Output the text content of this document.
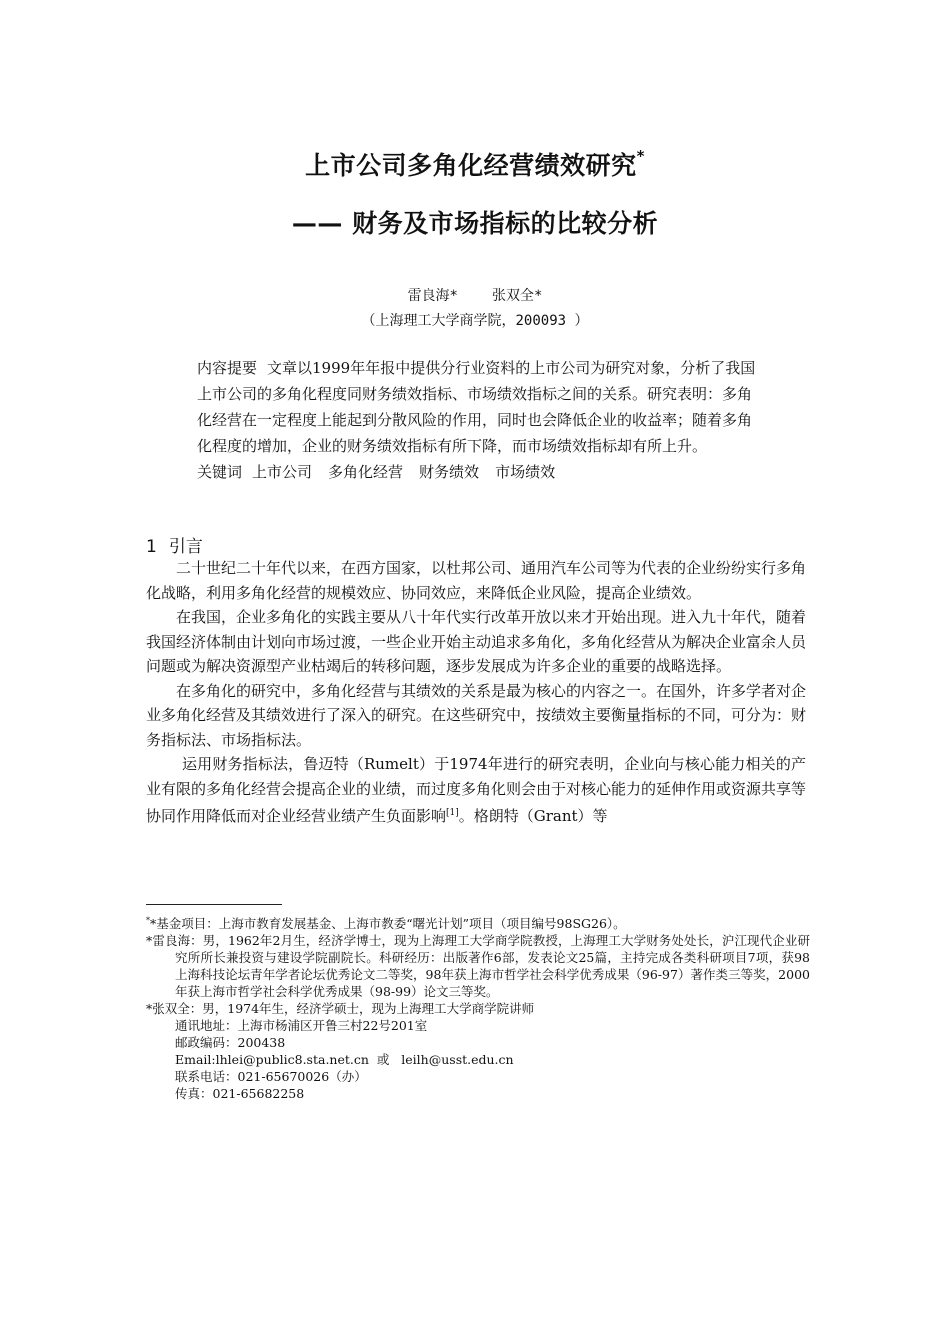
上市公司多角化经营绩效研究*
—— 财务及市场指标的比较分析
雷良海* 张双全*
（上海理工大学商学院，200093 ）

内容提要 文章以1999年年报中提供分行业资料的上市公司为研究对象，分析了我国上市公司的多角化程度同财务绩效指标、市场绩效指标之间的关系。研究表明：多角化经营在一定程度上能起到分散风险的作用，同时也会降低企业的收益率；随着多角化程度的增加，企业的财务绩效指标有所下降，而市场绩效指标却有所上升。

关键词 上市公司 多角化经营 财务绩效 市场绩效

1 引言

二十世纪二十年代以来，在西方国家，以杜邦公司、通用汽车公司等为代表的企业纷纷实行多角化战略，利用多角化经营的规模效应、协同效应，来降低企业风险，提高企业绩效。

在我国，企业多角化的实践主要从八十年代实行改革开放以来才开始出现。进入九十年代，随着我国经济体制由计划向市场过渡，一些企业开始主动追求多角化，多角化经营从为解决企业富余人员问题或为解决资源型产业枯竭后的转移问题，逐步发展成为许多企业的重要的战略选择。

在多角化的研究中，多角化经营与其绩效的关系是最为核心的内容之一。在国外，许多学者对企业多角化经营及其绩效进行了深入的研究。在这些研究中，按绩效主要衡量指标的不同，可分为：财务指标法、市场指标法。

运用财务指标法，鲁迈特（Rumelt）于1974年进行的研究表明，企业向与核心能力相关的产业有限的多角化经营会提高企业的业绩，而过度多角化则会由于对核心能力的延伸作用或资源共享等协同作用降低而对企业经营业绩产生负面影响[1]。格朗特（Grant）等

**基金项目：上海市教育发展基金、上海市教委“曙光计划”项目（项目编号98SG26）。

*雷良海：男，1962年2月生，经济学博士，现为上海理工大学商学院教授，上海理工大学财务处处长，沪江现代企业研究所所长兼投资与建设学院副院长。科研经历：出版著作6部，发表论文25篇，主持完成各类科研项目7项，获98上海科技论坛青年学者论坛优秀论文二等奖，98年获上海市哲学社会科学优秀成果（96-97）著作类三等奖，2000年获上海市哲学社会科学优秀成果（98-99）论文三等奖。

*张双全：男，1974年生，经济学硕士，现为上海理工大学商学院讲师

通讯地址：上海市杨浦区开鲁三村22号201室

邮政编码：200438

Email:lhlei@public8.sta.net.cn  或   leilh@usst.edu.cn

联系电话：021-65670026（办）

传真：021-65682258
